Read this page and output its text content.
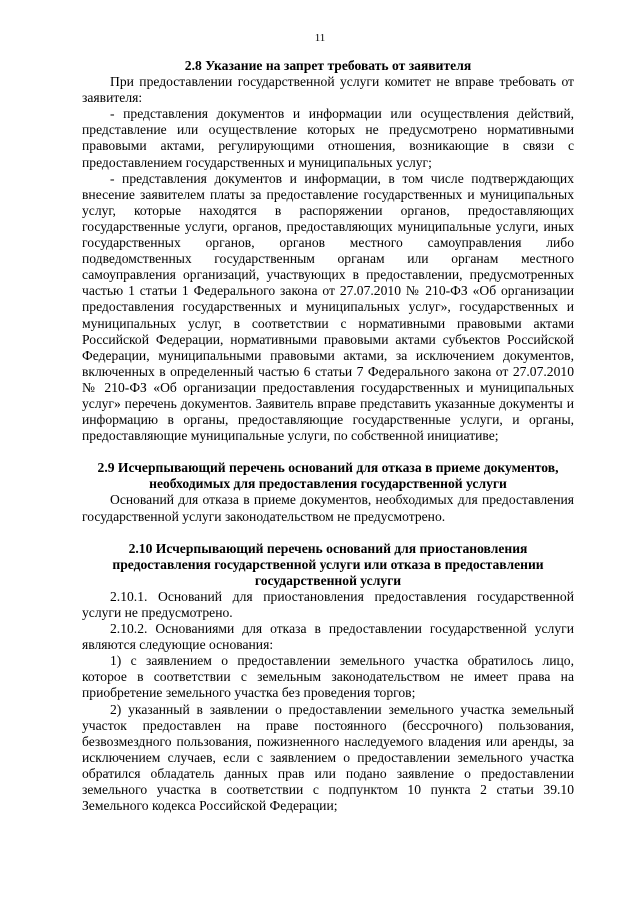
11

2.8 Указание на запрет требовать от заявителя

При предоставлении государственной услуги комитет не вправе требовать от заявителя:

- представления документов и информации или осуществления действий, представление или осуществление которых не предусмотрено нормативными правовыми актами, регулирующими отношения, возникающие в связи с предоставлением государственных и муниципальных услуг;

- представления документов и информации, в том числе подтверждающих внесение заявителем платы за предоставление государственных и муниципальных услуг, которые находятся в распоряжении органов, предоставляющих государственные услуги, органов, предоставляющих муниципальные услуги, иных государственных органов, органов местного самоуправления либо подведомственных государственным органам или органам местного самоуправления организаций, участвующих в предоставлении, предусмотренных частью 1 статьи 1 Федерального закона от 27.07.2010 № 210-ФЗ «Об организации предоставления государственных и муниципальных услуг», государственных и муниципальных услуг, в соответствии с нормативными правовыми актами Российской Федерации, нормативными правовыми актами субъектов Российской Федерации, муниципальными правовыми актами, за исключением документов, включенных в определенный частью 6 статьи 7 Федерального закона от 27.07.2010 № 210-ФЗ «Об организации предоставления государственных и муниципальных услуг» перечень документов. Заявитель вправе представить указанные документы и информацию в органы, предоставляющие государственные услуги, и органы, предоставляющие муниципальные услуги, по собственной инициативе;

2.9 Исчерпывающий перечень оснований для отказа в приеме документов, необходимых для предоставления государственной услуги

Оснований для отказа в приеме документов, необходимых для предоставления государственной услуги законодательством не предусмотрено.

2.10 Исчерпывающий перечень оснований для приостановления предоставления государственной услуги или отказа в предоставлении государственной услуги

2.10.1. Оснований для приостановления предоставления государственной услуги не предусмотрено.

2.10.2. Основаниями для отказа в предоставлении государственной услуги являются следующие основания:

1) с заявлением о предоставлении земельного участка обратилось лицо, которое в соответствии с земельным законодательством не имеет права на приобретение земельного участка без проведения торгов;

2) указанный в заявлении о предоставлении земельного участка земельный участок предоставлен на праве постоянного (бессрочного) пользования, безвозмездного пользования, пожизненного наследуемого владения или аренды, за исключением случаев, если с заявлением о предоставлении земельного участка обратился обладатель данных прав или подано заявление о предоставлении земельного участка в соответствии с подпунктом 10 пункта 2 статьи 39.10 Земельного кодекса Российской Федерации;
